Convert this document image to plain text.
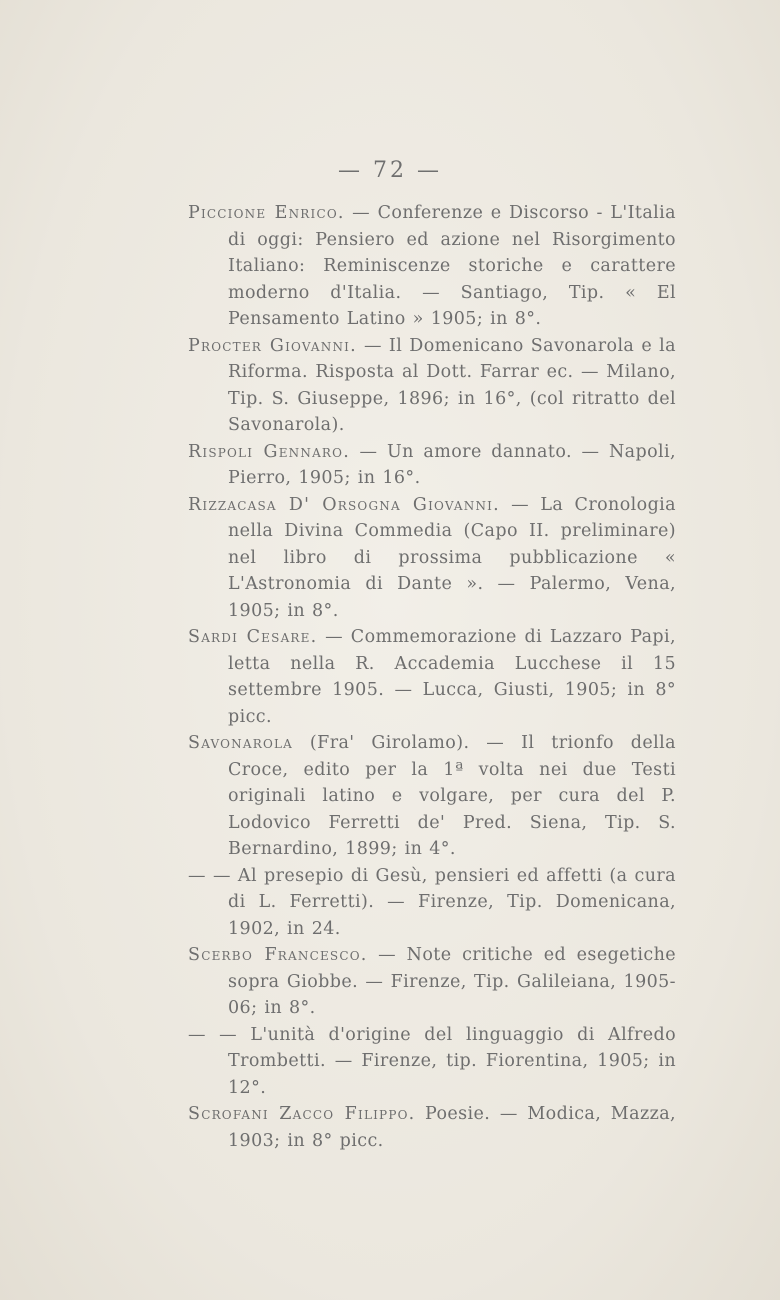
— 72 —

Piccione Enrico. — Conferenze e Discorso - L'Italia di oggi: Pensiero ed azione nel Risorgimento Italiano: Reminiscenze storiche e carattere moderno d'Italia. — Santiago, Tip. « El Pensamento Latino » 1905; in 8°.

Procter Giovanni. — Il Domenicano Savonarola e la Riforma. Risposta al Dott. Farrar ec. — Milano, Tip. S. Giuseppe, 1896; in 16°, (col ritratto del Savonarola).

Rispoli Gennaro. — Un amore dannato. — Napoli, Pierro, 1905; in 16°.

Rizzacasa D' Orsogna Giovanni. — La Cronologia nella Divina Commedia (Capo II. preliminare) nel libro di prossima pubblicazione « L'Astronomia di Dante ». — Palermo, Vena, 1905; in 8°.

Sardi Cesare. — Commemorazione di Lazzaro Papi, letta nella R. Accademia Lucchese il 15 settembre 1905. — Lucca, Giusti, 1905; in 8° picc.

Savonarola (Fra' Girolamo). — Il trionfo della Croce, edito per la 1ª volta nei due Testi originali latino e volgare, per cura del P. Lodovico Ferretti de' Pred. Siena, Tip. S. Bernardino, 1899; in 4°.

— — Al presepio di Gesù, pensieri ed affetti (a cura di L. Ferretti). — Firenze, Tip. Domenicana, 1902, in 24.

Scerbo Francesco. — Note critiche ed esegetiche sopra Giobbe. — Firenze, Tip. Galileiana, 1905-06; in 8°.

— — L'unità d'origine del linguaggio di Alfredo Trombetti. — Firenze, tip. Fiorentina, 1905; in 12°.

Scrofani Zacco Filippo. Poesie. — Modica, Mazza, 1903; in 8° picc.
